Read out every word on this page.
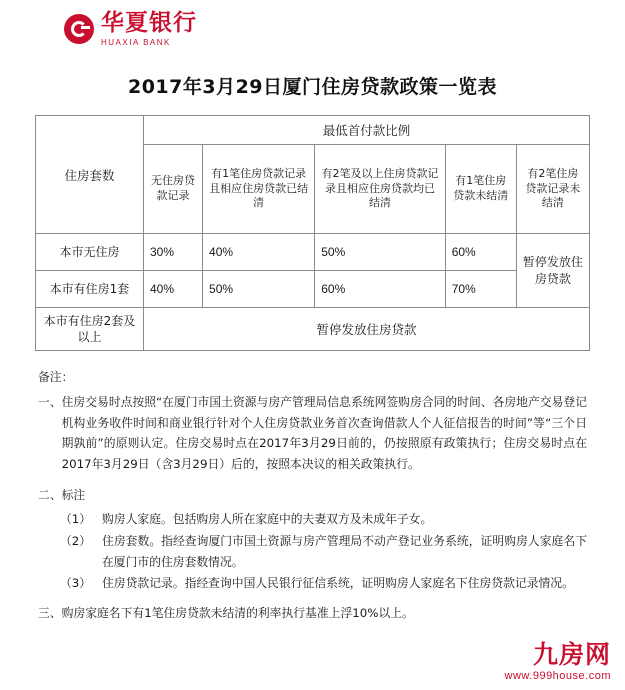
华夏银行
HUAXIA BANK
2017年3月29日厦门住房贷款政策一览表
住房套数	最低首付款比例				
	无住房贷款记录	有1笔住房贷款记录且相应住房贷款已结清	有2笔及以上住房贷款记录且相应住房贷款均已结清	有1笔住房贷款未结清	有2笔住房贷款记录未结清
本市无住房	30%	40%	50%	60%	暂停发放住房贷款
本市有住房1套	40%	50%	60%	70%	
本市有住房2套及以上	暂停发放住房贷款				
备注：
一、 住房交易时点按照“在厦门市国土资源与房产管理局信息系统网签购房合同的时间、各房地产交易登记机构业务收件时间和商业银行针对个人住房贷款业务首次查询借款人个人征信报告的时间”等“三个日期孰前”的原则认定。住房交易时点在2017年3月29日前的，仍按照原有政策执行；住房交易时点在2017年3月29日（含3月29日）后的，按照本决议的相关政策执行。
二、 标注
（1） 购房人家庭。包括购房人所在家庭中的夫妻双方及未成年子女。
（2） 住房套数。指经查询厦门市国土资源与房产管理局不动产登记业务系统，证明购房人家庭名下在厦门市的住房套数情况。
（3） 住房贷款记录。指经查询中国人民银行征信系统，证明购房人家庭名下住房贷款记录情况。
三、 购房家庭名下有1笔住房贷款未结清的利率执行基准上浮10%以上。
九房网
www.999house.com
